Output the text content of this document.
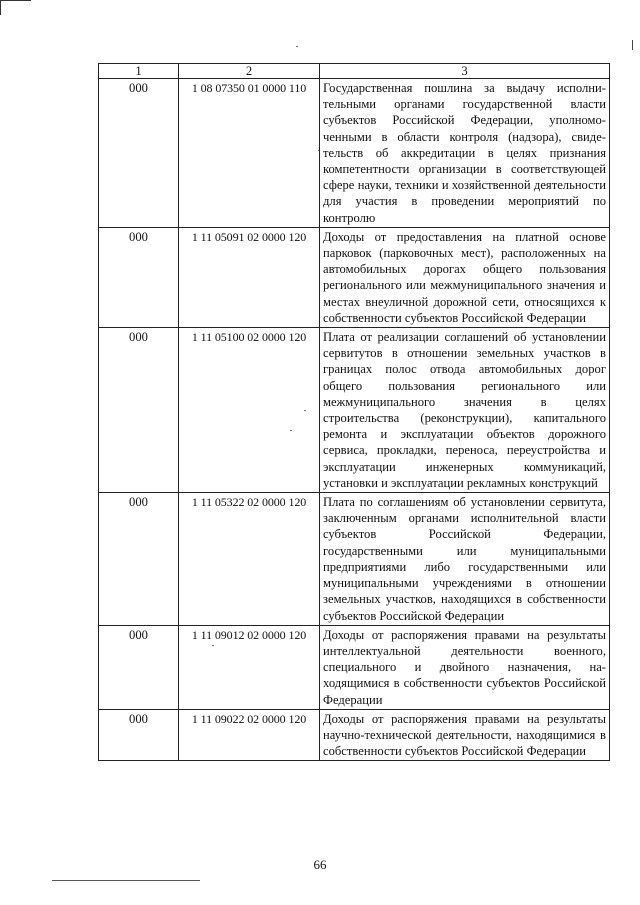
1	2	3
000	1 08 07350 01 0000 110	Государственная пошлина за выдачу исполнительными органами государственной власти субъектов Российской Федерации, уполномоченными в области контроля (надзора), свидетельств об аккредитации в целях признания компетентности организации в соответствующей сфере науки, техники и хозяйственной деятельности для участия в проведении мероприятий по контролю
000	1 11 05091 02 0000 120	Доходы от предоставления на платной основе парковок (парковочных мест), расположенных на автомобильных дорогах общего пользования регионального или межмуниципального значения и местах внеуличной дорожной сети, относящихся к собственности субъектов Российской Федерации
000	1 11 05100 02 0000 120	Плата от реализации соглашений об установлении сервитутов в отношении земельных участков в границах полос отвода автомобильных дорог общего пользования регионального или межмуниципального значения в целях строительства (реконструкции), капитального ремонта и эксплуатации объектов дорожного сервиса, прокладки, переноса, переустройства и эксплуатации инженерных коммуникаций, установки и эксплуатации рекламных конструкций
000	1 11 05322 02 0000 120	Плата по соглашениям об установлении сервитута, заключенным органами исполнительной власти субъектов Российской Федерации, государственными или муниципальными предприятиями либо государственными или муниципальными учреждениями в отношении земельных участков, находящихся в собственности субъектов Российской Федерации
000	1 11 09012 02 0000 120	Доходы от распоряжения правами на результаты интеллектуальной деятельности военного, специального и двойного назначения, находящимися в собственности субъектов Российской Федерации
000	1 11 09022 02 0000 120	Доходы от распоряжения правами на результаты научно-технической деятельности, находящимися в собственности субъектов Российской Федерации
66
